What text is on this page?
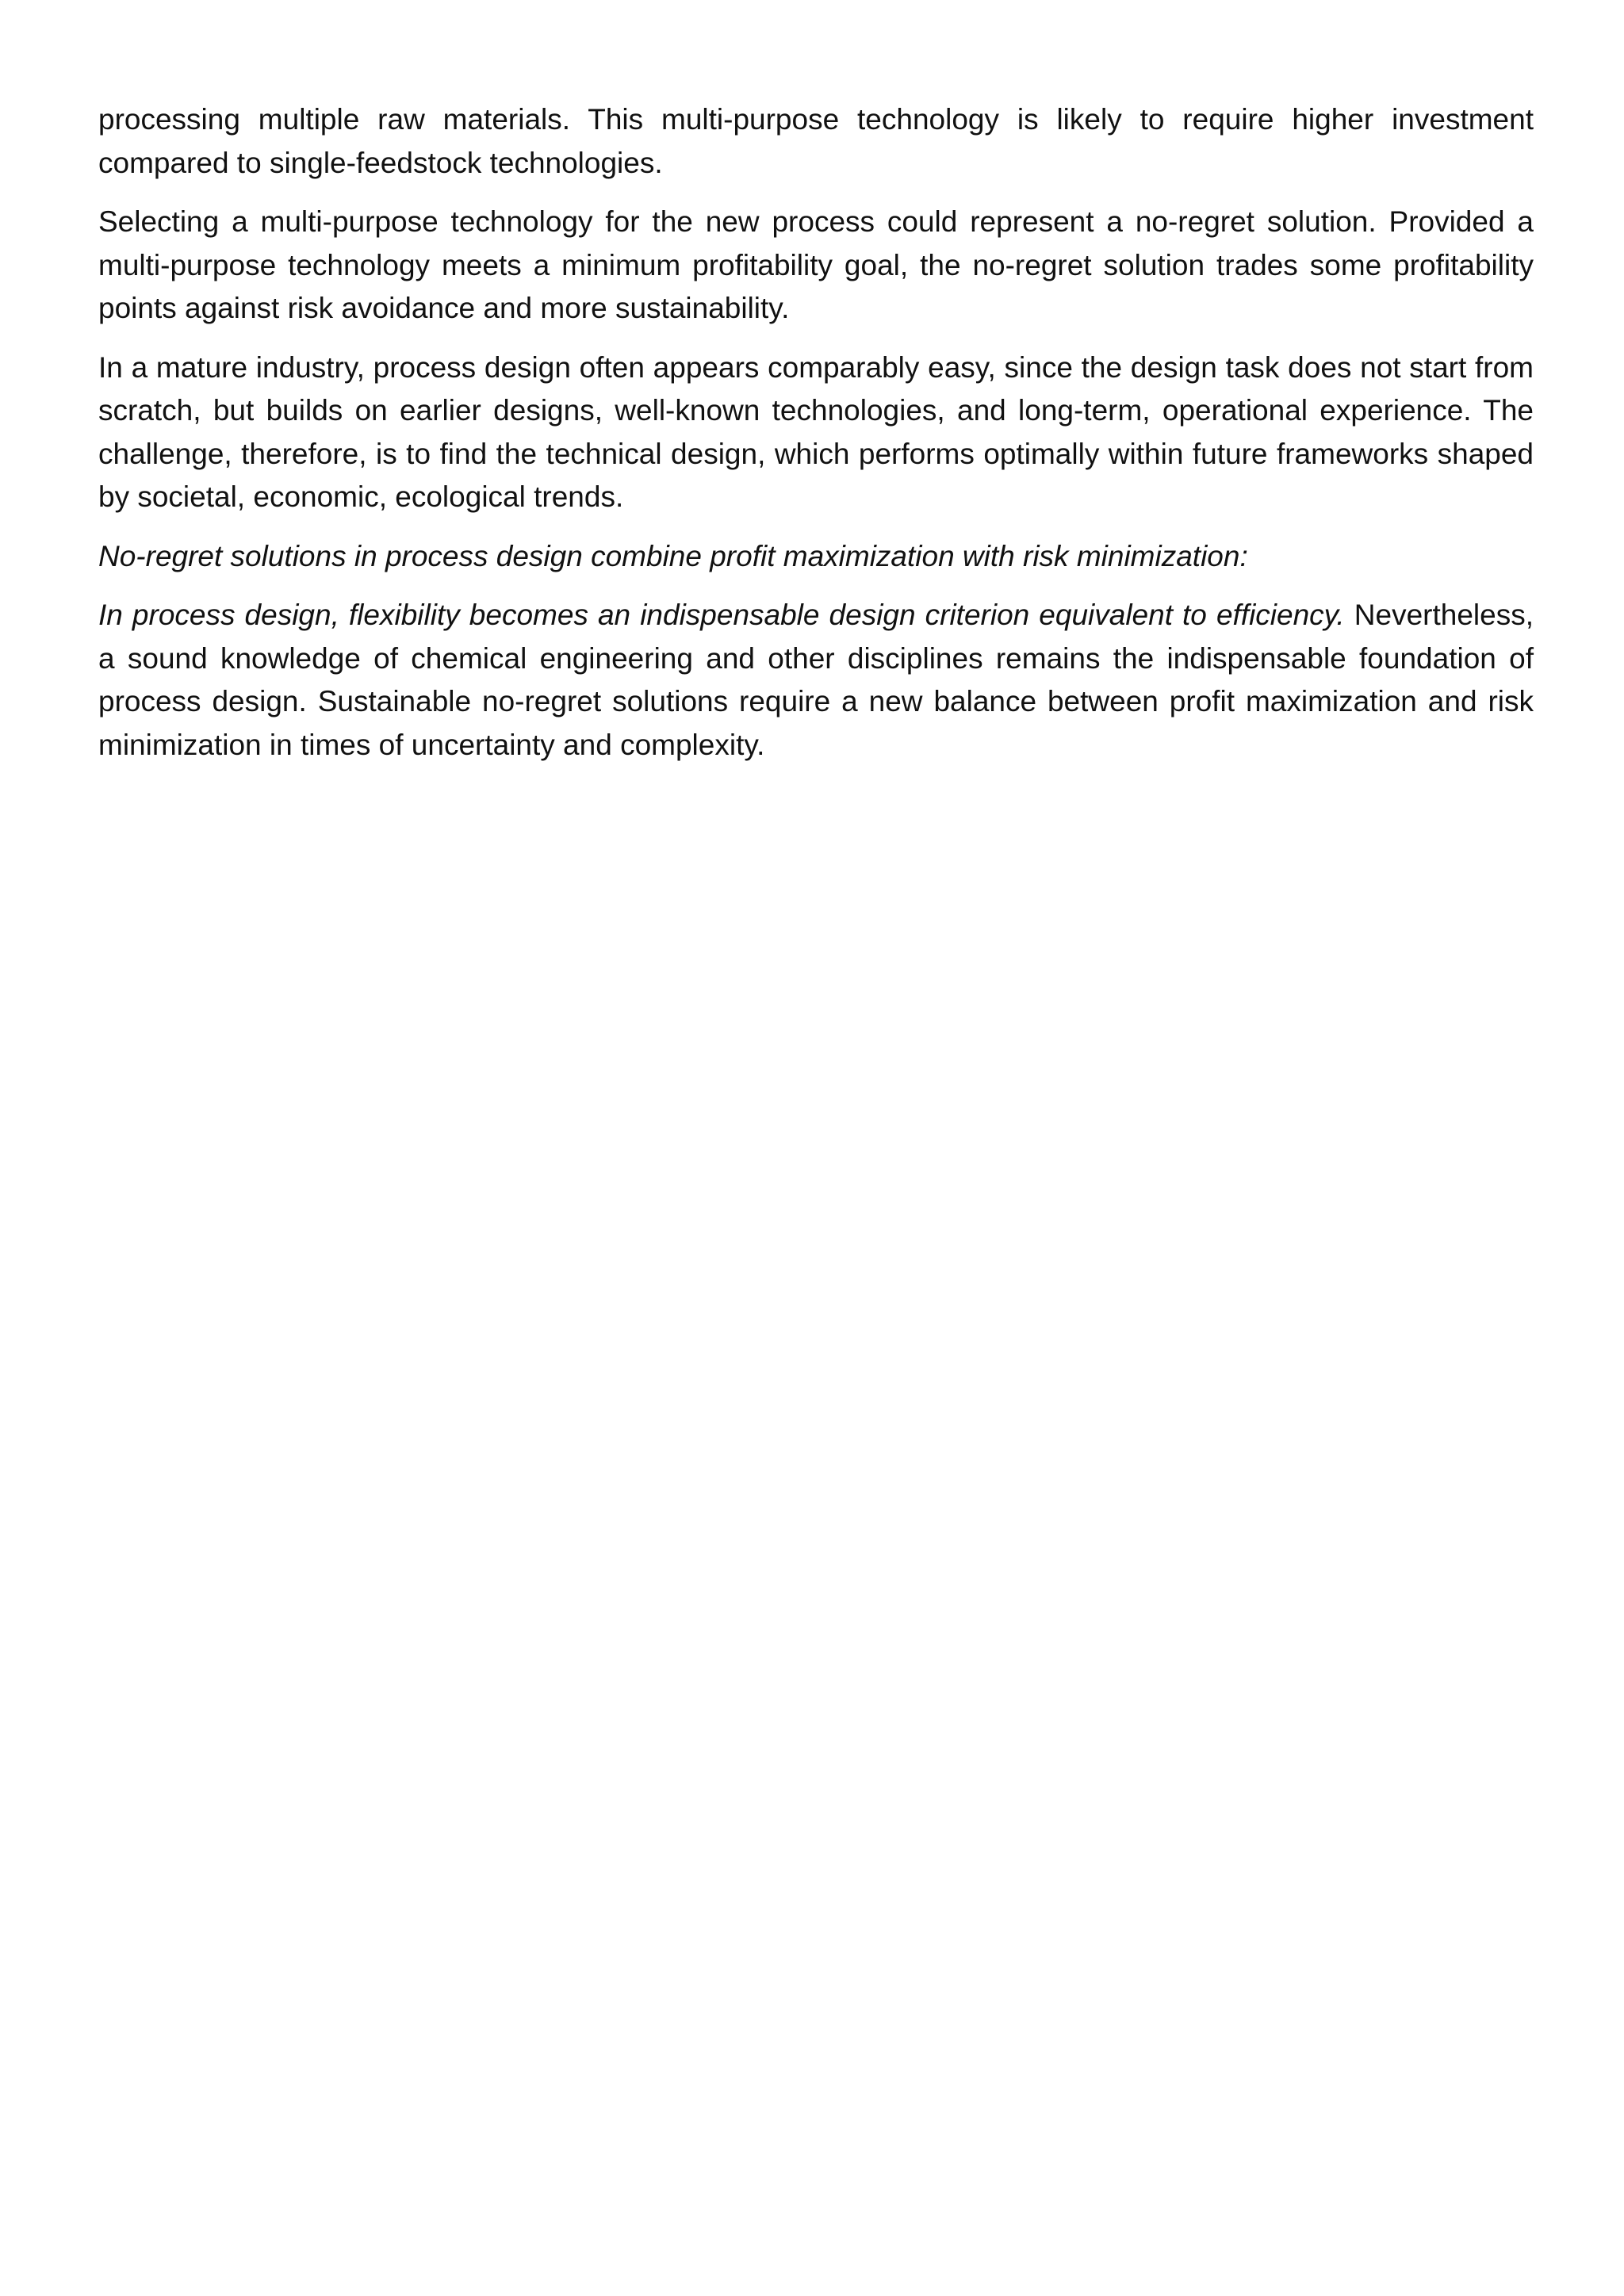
processing multiple raw materials. This multi-purpose technology is likely to require higher investment compared to single-feedstock technologies.

Selecting a multi-purpose technology for the new process could represent a no-regret solution. Provided a multi-purpose technology meets a minimum profitability goal, the no-regret solution trades some profitability points against risk avoidance and more sustainability.

In a mature industry, process design often appears comparably easy, since the design task does not start from scratch, but builds on earlier designs, well-known technologies, and long-term, operational experience. The challenge, therefore, is to find the technical design, which performs optimally within future frameworks shaped by societal, economic, ecological trends.

No-regret solutions in process design combine profit maximization with risk minimization:

In process design, flexibility becomes an indispensable design criterion equivalent to efficiency. Nevertheless, a sound knowledge of chemical engineering and other disciplines remains the indispensable foundation of process design. Sustainable no-regret solutions require a new balance between profit maximization and risk minimization in times of uncertainty and complexity.
